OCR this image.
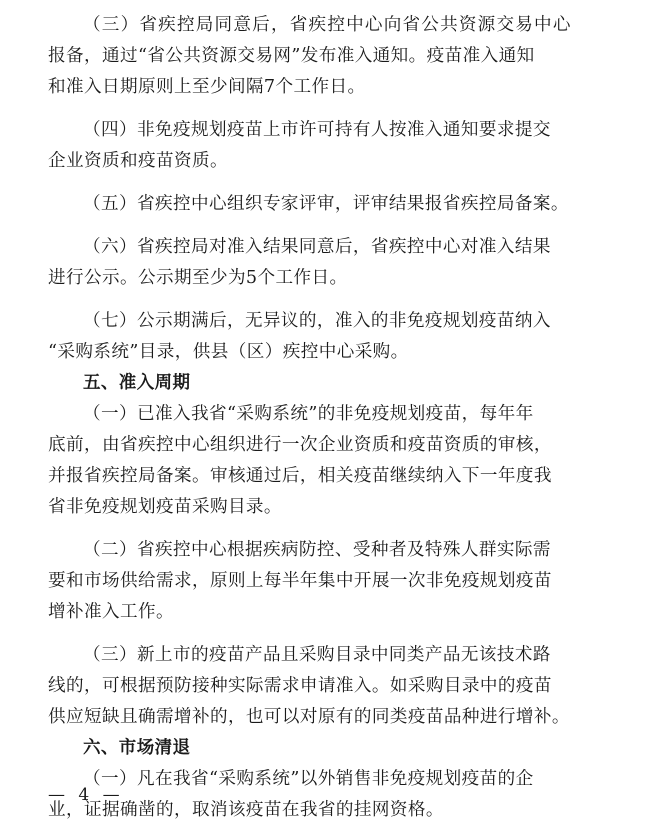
（三）省疾控局同意后，省疾控中心向省公共资源交易中心
报备，通过“省公共资源交易网”发布准入通知。疫苗准入通知
和准入日期原则上至少间隔7个工作日。
（四）非免疫规划疫苗上市许可持有人按准入通知要求提交
企业资质和疫苗资质。
（五）省疾控中心组织专家评审，评审结果报省疾控局备案。
（六）省疾控局对准入结果同意后，省疾控中心对准入结果
进行公示。公示期至少为5个工作日。
（七）公示期满后，无异议的，准入的非免疫规划疫苗纳入
“采购系统”目录，供县（区）疾控中心采购。
五、准入周期
（一）已准入我省“采购系统”的非免疫规划疫苗，每年年
底前，由省疾控中心组织进行一次企业资质和疫苗资质的审核，
并报省疾控局备案。审核通过后，相关疫苗继续纳入下一年度我
省非免疫规划疫苗采购目录。
（二）省疾控中心根据疾病防控、受种者及特殊人群实际需
要和市场供给需求，原则上每半年集中开展一次非免疫规划疫苗
增补准入工作。
（三）新上市的疫苗产品且采购目录中同类产品无该技术路
线的，可根据预防接种实际需求申请准入。如采购目录中的疫苗
供应短缺且确需增补的，也可以对原有的同类疫苗品种进行增补。
六、市场清退
（一）凡在我省“采购系统”以外销售非免疫规划疫苗的企
业，证据确凿的，取消该疫苗在我省的挂网资格。
— 4 —
